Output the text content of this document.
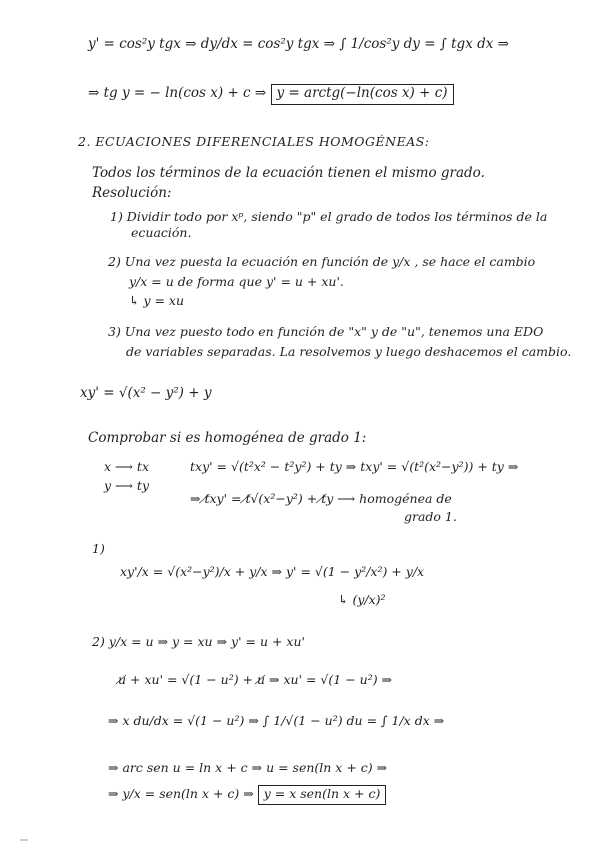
y' = cos²y tgx ⇒ dy/dx = cos²y tgx ⇒ ∫ 1/cos²y dy = ∫ tgx dx ⇒
⇒ tg y = − ln(cos x) + c ⇒ y = arctg(−ln(cos x) + c)
2. ECUACIONES DIFERENCIALES HOMOGÉNEAS:
Todos los términos de la ecuación tienen el mismo grado.
Resolución:
1) Dividir todo por xᵖ, siendo "p" el grado de todos los términos de la
ecuación.
2) Una vez puesta la ecuación en función de y/x , se hace el cambio
y/x = u de forma que y' = u + xu'.
↳ y = xu
3) Una vez puesto todo en función de "x" y de "u", tenemos una EDO
de variables separadas. La resolvemos y luego deshacemos el cambio.
xy' = √(x² − y²) + y
Comprobar si es homogénea de grado 1:
x ⟶ tx
y ⟶ ty
txy' = √(t²x² − t²y²) + ty ⇒ txy' = √(t²(x²−y²)) + ty ⇒
⇒ t̸xy' = t̸√(x²−y²) + t̸y ⟶ homogénea de
grado 1.
1)
xy'/x = √(x²−y²)/x + y/x ⇒ y' = √(1 − y²/x²) + y/x
↳ (y/x)²
2) y/x = u ⇒ y = xu ⇒ y' = u + xu'
u̸ + xu' = √(1 − u²) + u̸ ⇒ xu' = √(1 − u²) ⇒
⇒ x du/dx = √(1 − u²) ⇒ ∫ 1/√(1 − u²) du = ∫ 1/x dx ⇒
⇒ arc sen u = ln x + c ⇒ u = sen(ln x + c) ⇒
⇒ y/x = sen(ln x + c) ⇒ y = x sen(ln x + c)
